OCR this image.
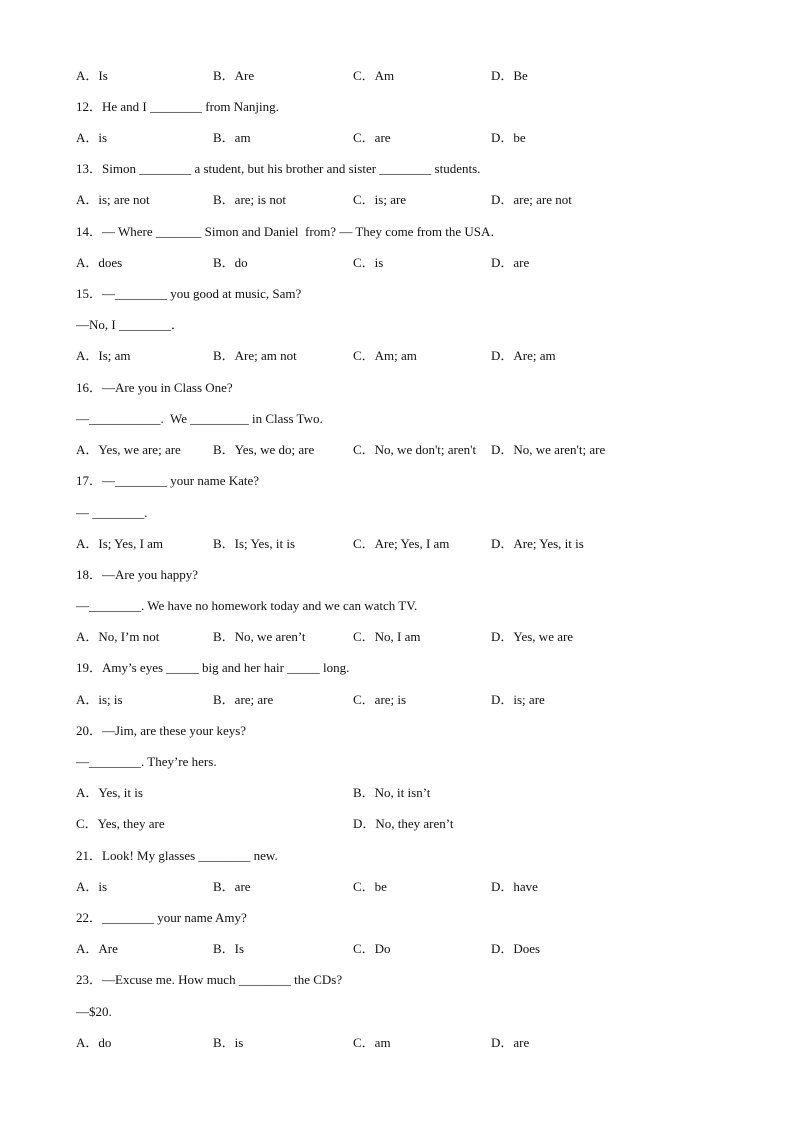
A．Is	B．Are	C．Am	D．Be
12．He and I ________ from Nanjing.
A．is	B．am	C．are	D．be
13．Simon ________ a student, but his brother and sister ________ students.
A．is; are not	B．are; is not	C．is; are	D．are; are not
14．— Where _______ Simon and Daniel  from? — They come from the USA．
A．does	B．do	C．is	D．are
15．—________ you good at music, Sam?
—No, I ________．
A．Is; am	B．Are; am not	C．Am; am	D．Are; am
16．—Are you in Class One?
—___________.  We _________ in Class Two.
A．Yes, we are; are B．Yes, we do; are	C．No, we don't; aren't D．No, we aren't; are
17．—________ your name Kate?
— ________.
A．Is; Yes, I am	B．Is; Yes, it is	C．Are; Yes, I am	D．Are; Yes, it is
18．—Are you happy?
—________. We have no homework today and we can watch TV.
A．No, I’m not	B．No, we aren’t	C．No, I am	D．Yes, we are
19．Amy’s eyes _____ big and her hair _____ long.
A．is; is	B．are; are	C．are; is	D．is; are
20．—Jim, are these your keys?
—________. They’re hers.
A．Yes, it is	B．No, it isn’t
C．Yes, they are	D．No, they aren’t
21．Look! My glasses ________ new.
A．is	B．are	C．be	D．have
22．________ your name Amy?
A．Are	B．Is	C．Do	D．Does
23．—Excuse me. How much ________ the CDs?
—$20.
A．do	B．is	C．am	D．are
